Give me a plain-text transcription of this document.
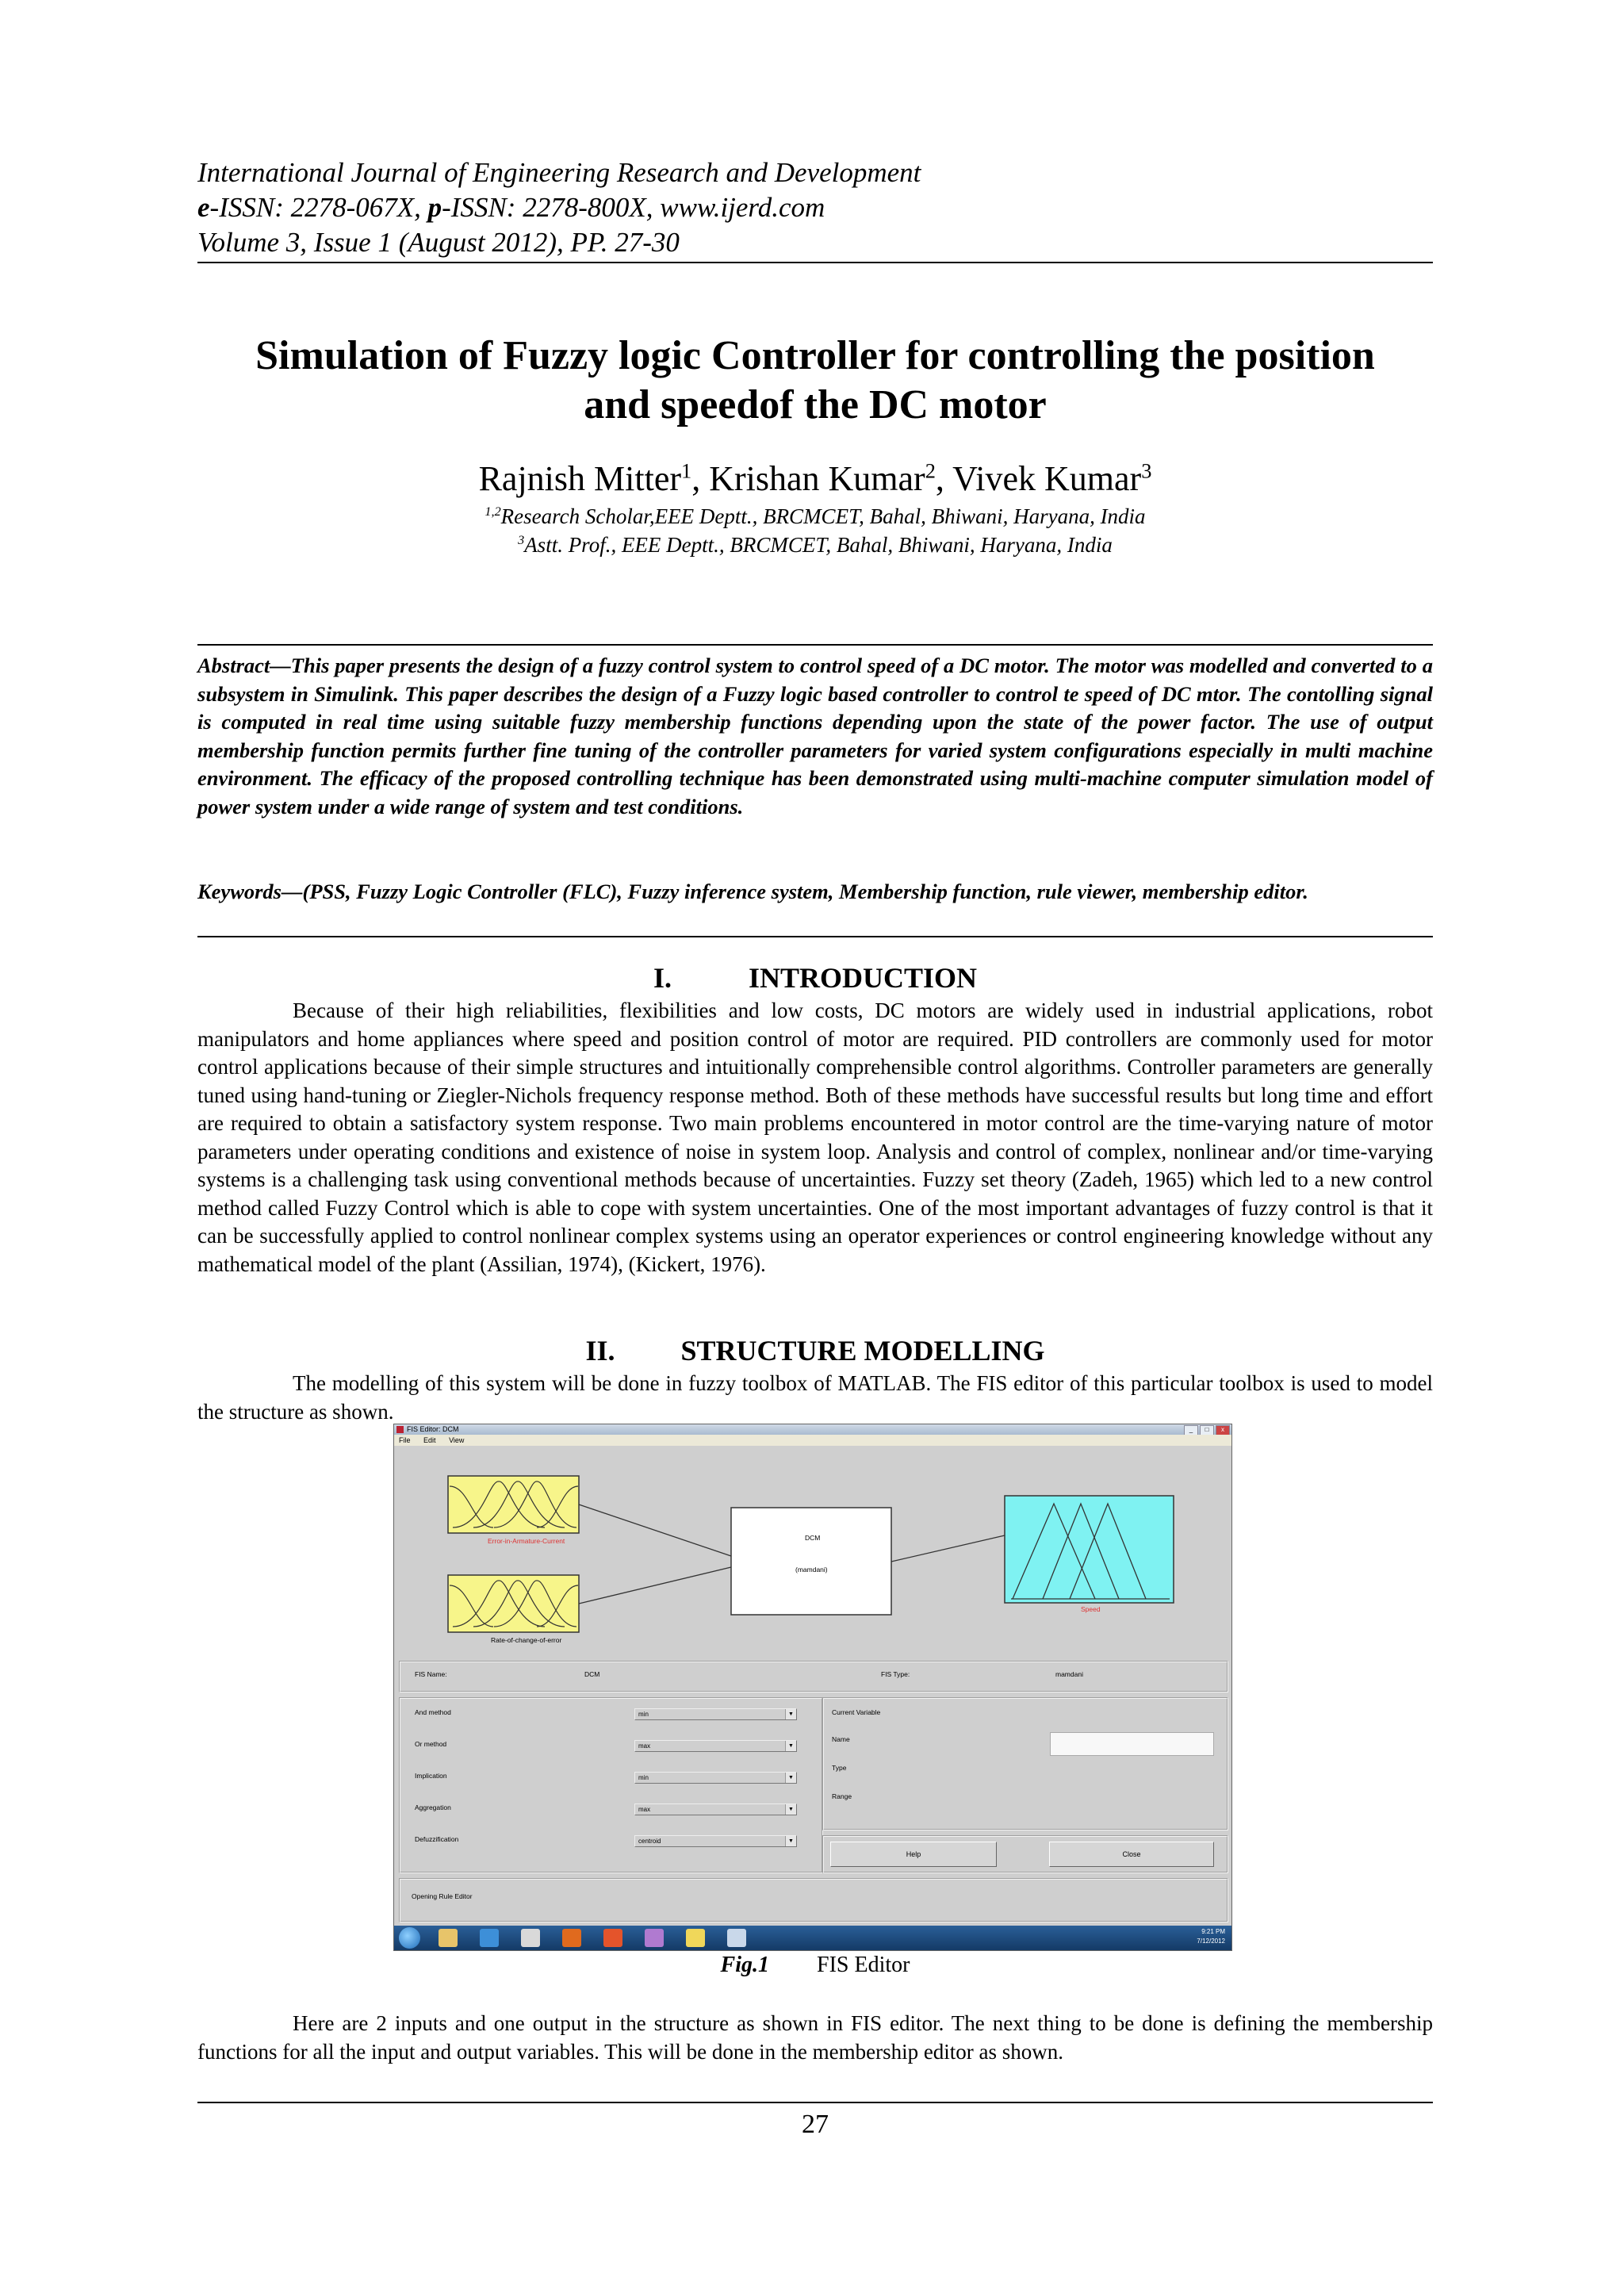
International Journal of Engineering Research and Development
e-ISSN: 2278-067X, p-ISSN: 2278-800X, www.ijerd.com
Volume 3, Issue 1 (August 2012), PP. 27-30
Simulation of Fuzzy logic Controller for controlling the position
and speedof the DC motor
Rajnish Mitter$^1$, Krishan Kumar$^2$, Vivek Kumar$^3$
$^{1,2}$Research Scholar,EEE Deptt., BRCMCET, Bahal, Bhiwani, Haryana, India
$^3$Astt. Prof., EEE Deptt., BRCMCET, Bahal, Bhiwani, Haryana, India
Abstract—This paper presents the design of a fuzzy control system to control speed of a DC motor. The motor was modelled and converted to a subsystem in Simulink. This paper describes the design of a Fuzzy logic based controller to control te speed of DC mtor. The contolling signal is computed in real time using suitable fuzzy membership functions depending upon the state of the power factor. The use of output membership function permits further fine tuning of the controller parameters for varied system configurations especially in multi machine environment. The efficacy of the proposed controlling technique has been demonstrated using multi-machine computer simulation model of power system under a wide range of system and test conditions.
Keywords—(PSS, Fuzzy Logic Controller (FLC), Fuzzy inference system, Membership function, rule viewer, membership editor.
I.	INTRODUCTION
Because of their high reliabilities, flexibilities and low costs, DC motors are widely used in industrial applications, robot manipulators and home appliances where speed and position control of motor are required. PID controllers are commonly used for motor control applications because of their simple structures and intuitionally comprehensible control algorithms. Controller parameters are generally tuned using hand-tuning or Ziegler-Nichols frequency response method. Both of these methods have successful results but long time and effort are required to obtain a satisfactory system response. Two main problems encountered in motor control are the time-varying nature of motor parameters under operating conditions and existence of noise in system loop. Analysis and control of complex, nonlinear and/or time-varying systems is a challenging task using conventional methods because of uncertainties. Fuzzy set theory (Zadeh, 1965) which led to a new control method called Fuzzy Control which is able to cope with system uncertainties. One of the most important advantages of fuzzy control is that it can be successfully applied to control nonlinear complex systems using an operator experiences or control engineering knowledge without any mathematical model of the plant (Assilian, 1974), (Kickert, 1976).
II. STRUCTURE MODELLING
The modelling of this system will be done in fuzzy toolbox of MATLAB. The FIS editor of this particular toolbox is used to model the structure as shown.
FIS Editor: DCM	_	□	x
File Edit View
Error-in-Armature-Current
Rate-of-change-of-error
DCM
(mamdani)
Speed
FIS Name:	DCM	FIS Type:	mamdani
And method	min	▼
Or method	max	▼
Implication	min	▼
Aggregation	max	▼
Defuzzification	centroid	▼
Current Variable
Name
Type
Range
Help	Close
Opening Rule Editor
9:21 PM
7/12/2012
Fig.1 FIS Editor
Here are 2 inputs and one output in the structure as shown in FIS editor. The next thing to be done is defining the membership functions for all the input and output variables. This will be done in the membership editor as shown.
27
